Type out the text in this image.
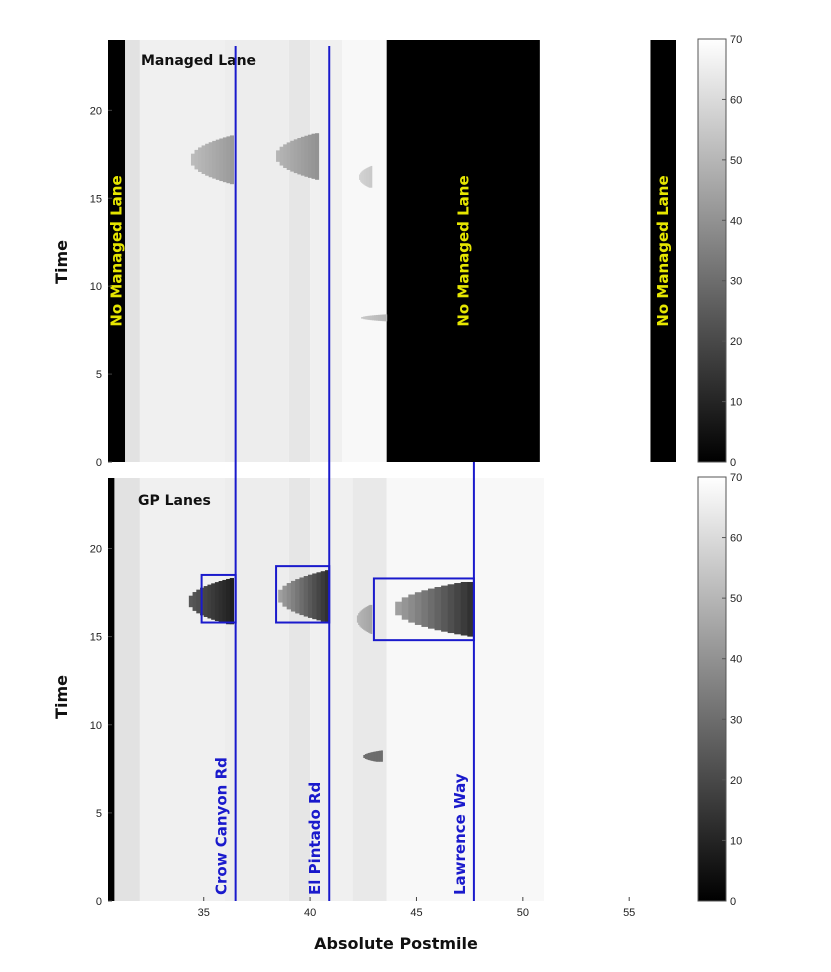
Managed Lane
No Managed Lane	No Managed Lane	No Managed Lane
GP Lanes
Crow Canyon Rd	El Pintado Rd	Lawrence Way
0
5
10
15
20
0
5
10
15
20
35	40	45	50	55
0
10
20
30
40
50
60
70
0
10
20
30
40
50
60
70
Time
Time
Absolute Postmile
